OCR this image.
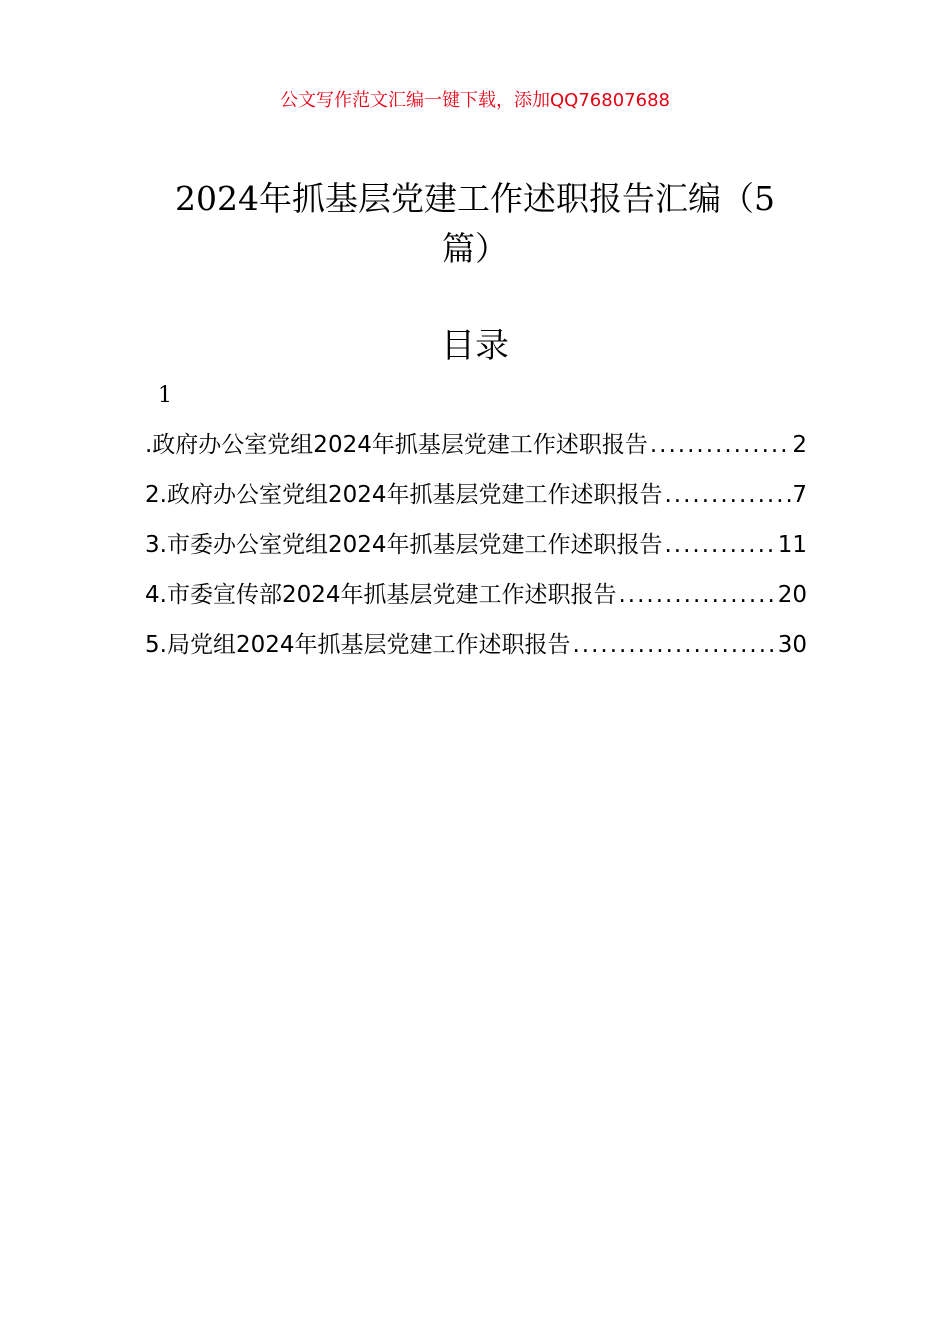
公文写作范文汇编一键下载，添加QQ76807688
2024年抓基层党建工作述职报告汇编（5
篇）
目录
1
.政府办公室党组2024年抓基层党建工作述职报告 .....	2
2.政府办公室党组2024年抓基层党建工作述职报告 .....	7
3.市委办公室党组2024年抓基层党建工作述职报告 .....	11
4.市委宣传部2024年抓基层党建工作述职报告 .....	20
5.局党组2024年抓基层党建工作述职报告 .....	30
